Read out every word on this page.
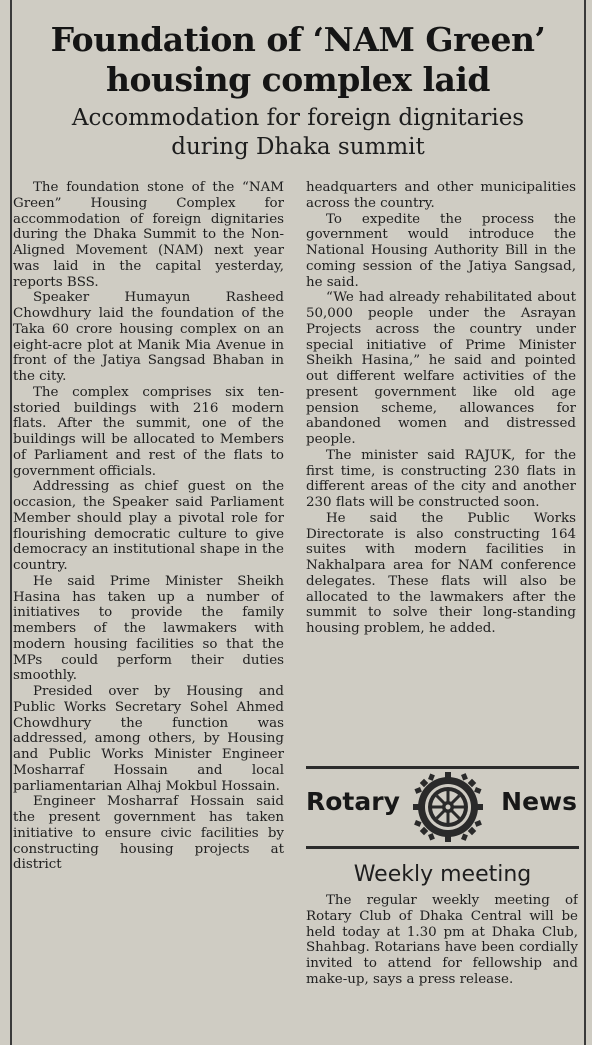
Foundation of ‘NAM Green’
housing complex laid
Accommodation for foreign dignitaries
during Dhaka summit

The foundation stone of the “NAM Green” Housing Complex for accommodation of foreign dignitaries during the Dhaka Summit to the Non-Aligned Movement (NAM) next year was laid in the capital yesterday, reports BSS.

Speaker Humayun Rasheed Chowdhury laid the foundation of the Taka 60 crore housing complex on an eight-acre plot at Manik Mia Avenue in front of the Jatiya Sangsad Bhaban in the city.

The complex comprises six ten-storied buildings with 216 modern flats. After the summit, one of the buildings will be allocated to Members of Parliament and rest of the flats to government officials.

Addressing as chief guest on the occasion, the Speaker said Parliament Member should play a pivotal role for flourishing democratic culture to give democracy an institutional shape in the country.

He said Prime Minister Sheikh Hasina has taken up a number of initiatives to provide the family members of the lawmakers with modern housing facilities so that the MPs could perform their duties smoothly.

Presided over by Housing and Public Works Secretary Sohel Ahmed Chowdhury the function was addressed, among others, by Housing and Public Works Minister Engineer Mosharraf Hossain and local parliamentarian Alhaj Mokbul Hossain.

Engineer Mosharraf Hossain said the present government has taken initiative to ensure civic facilities by constructing housing projects at district

headquarters and other municipalities across the country.

To expedite the process the government would introduce the National Housing Authority Bill in the coming session of the Jatiya Sangsad, he said.

“We had already rehabilitated about 50,000 people under the Asrayan Projects across the country under special initiative of Prime Minister Sheikh Hasina,” he said and pointed out different welfare activities of the present government like old age pension scheme, allowances for abandoned women and distressed people.

The minister said RAJUK, for the first time, is constructing 230 flats in different areas of the city and another 230 flats will be constructed soon.

He said the Public Works Directorate is also constructing 164 suites with modern facilities in Nakhalpara area for NAM conference delegates. These flats will also be allocated to the lawmakers after the summit to solve their long-standing housing problem, he added.

Rotary	News
Weekly meeting

The regular weekly meeting of Rotary Club of Dhaka Central will be held today at 1.30 pm at Dhaka Club, Shahbag. Rotarians have been cordially invited to attend for fellowship and make-up, says a press release.
